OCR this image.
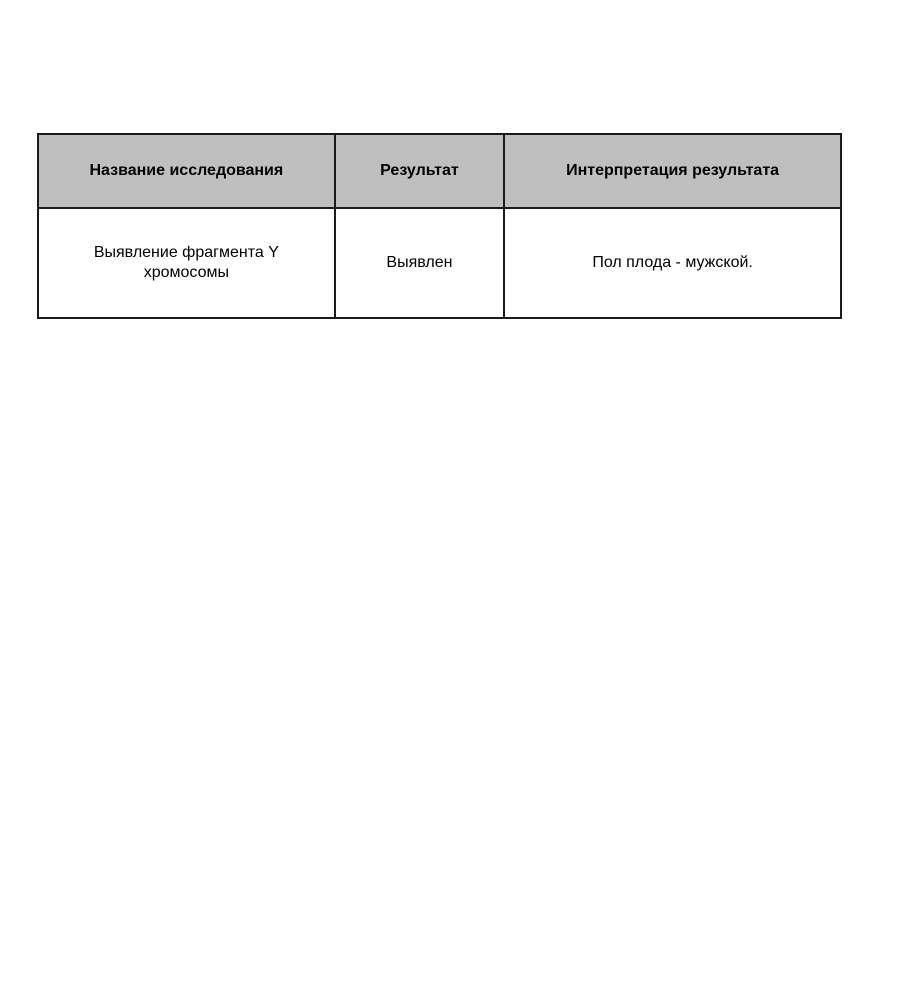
Название исследования	Результат	Интерпретация результата
Выявление фрагмента Y хромосомы	Выявлен	Пол плода - мужской.
